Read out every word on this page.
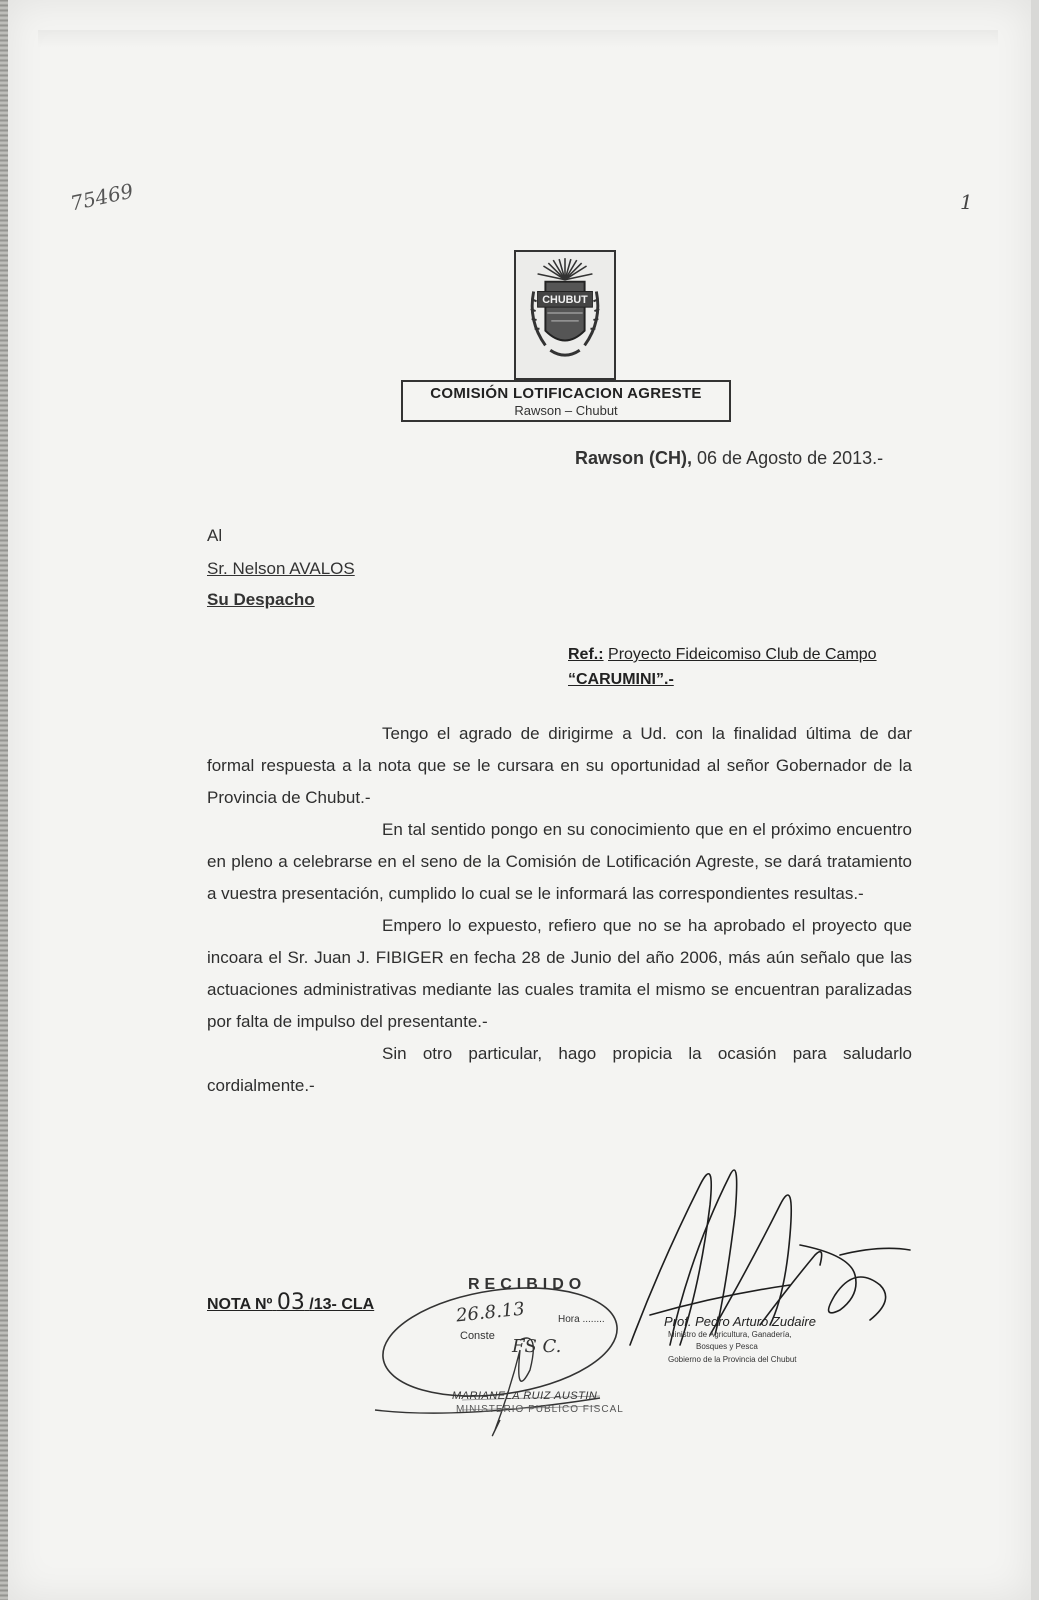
75469	1
CHUBUT
COMISIÓN LOTIFICACION AGRESTE
Rawson – Chubut
Rawson (CH), 06 de Agosto de 2013.-
Al
Sr. Nelson AVALOS
Su Despacho
Ref.: Proyecto Fideicomiso Club de Campo
“CARUMINI”.-

Tengo el agrado de dirigirme a Ud. con la finalidad última de dar formal respuesta a la nota que se le cursara en su oportunidad al señor Gobernador de la Provincia de Chubut.-

En tal sentido pongo en su conocimiento que en el próximo encuentro en pleno a celebrarse en el seno de la Comisión de Lotificación Agreste, se dará tratamiento a vuestra presentación, cumplido lo cual se le informará las correspondientes resultas.-

Empero lo expuesto, refiero que no se ha aprobado el proyecto que incoara el Sr. Juan J. FIBIGER en fecha 28 de Junio del año 2006, más aún señalo que las actuaciones administrativas mediante las cuales tramita el mismo se encuentran paralizadas por falta de impulso del presentante.-

Sin otro particular, hago propicia la ocasión para saludarlo cordialmente.-

NOTA Nº 03 /13- CLA
RECIBIDO
26.8.13	Hora ........
Conste FS C.
MARIANELA RUIZ AUSTIN
MINISTERIO PUBLICO FISCAL
Prof. Pedro Arturo Zudaire
Ministro de Agricultura, Ganadería,
Bosques y Pesca
Gobierno de la Provincia del Chubut
